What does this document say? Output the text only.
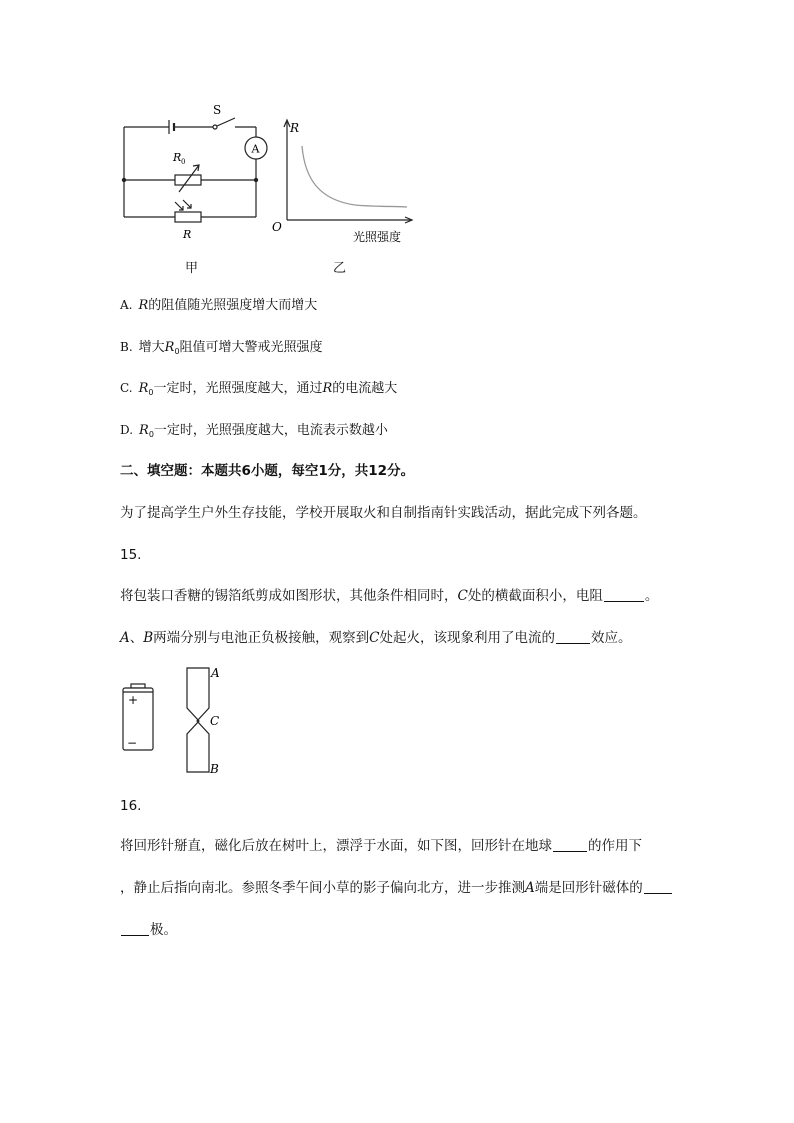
S
A
R 0
R
R
O
光照强度
甲	乙
A. R的阻值随光照强度增大而增大
B. 增大$R_0$阻值可增大警戒光照强度
C. $R_0$一定时，光照强度越大，通过R的电流越大
D. $R_0$一定时，光照强度越大，电流表示数越小
二、填空题：本题共6小题，每空1分，共12分。
为了提高学生户外生存技能，学校开展取火和自制指南针实践活动，据此完成下列各题。
15.
将包装口香糖的锡箔纸剪成如图形状，其他条件相同时，C处的横截面积小，电阻	。
A、B两端分别与电池正负极接触，观察到C处起火，该现象利用了电流的	效应。
+
−
A
C
B
16.
将回形针掰直，磁化后放在树叶上，漂浮于水面，如下图，回形针在地球	的作用下
，静止后指向南北。参照冬季午间小草的影子偏向北方，进一步推测A端是回形针磁体的
极。
